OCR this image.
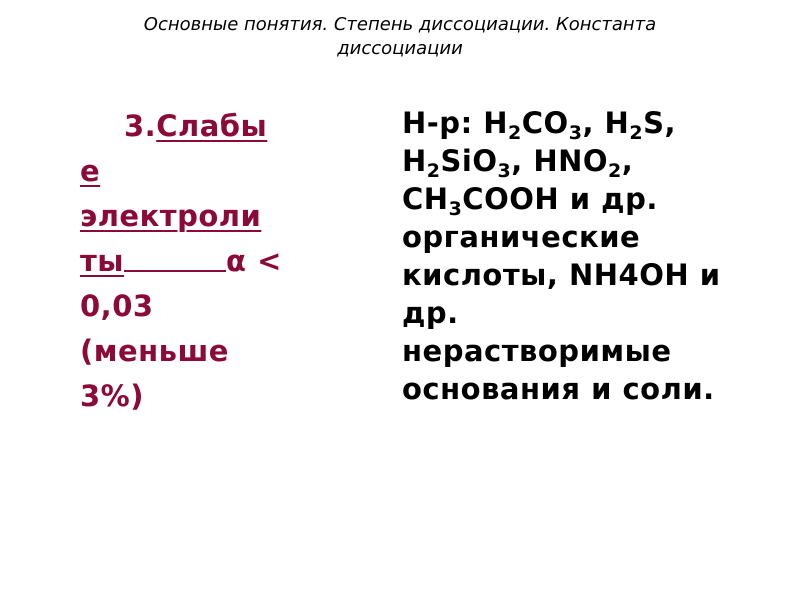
Основные понятия. Степень диссоциации. Константа
диссоциации
3.Слабы
е
электроли
ты	α <
0,03
(меньше
3%)
Н-р: $H_2CO_3$, $H_2S$,
$H_2SiO_3$, $HNO_2$,
$CH_3COOH$ и др.
органические
кислоты, NH4OH и
др.
нерастворимые
основания и соли.
